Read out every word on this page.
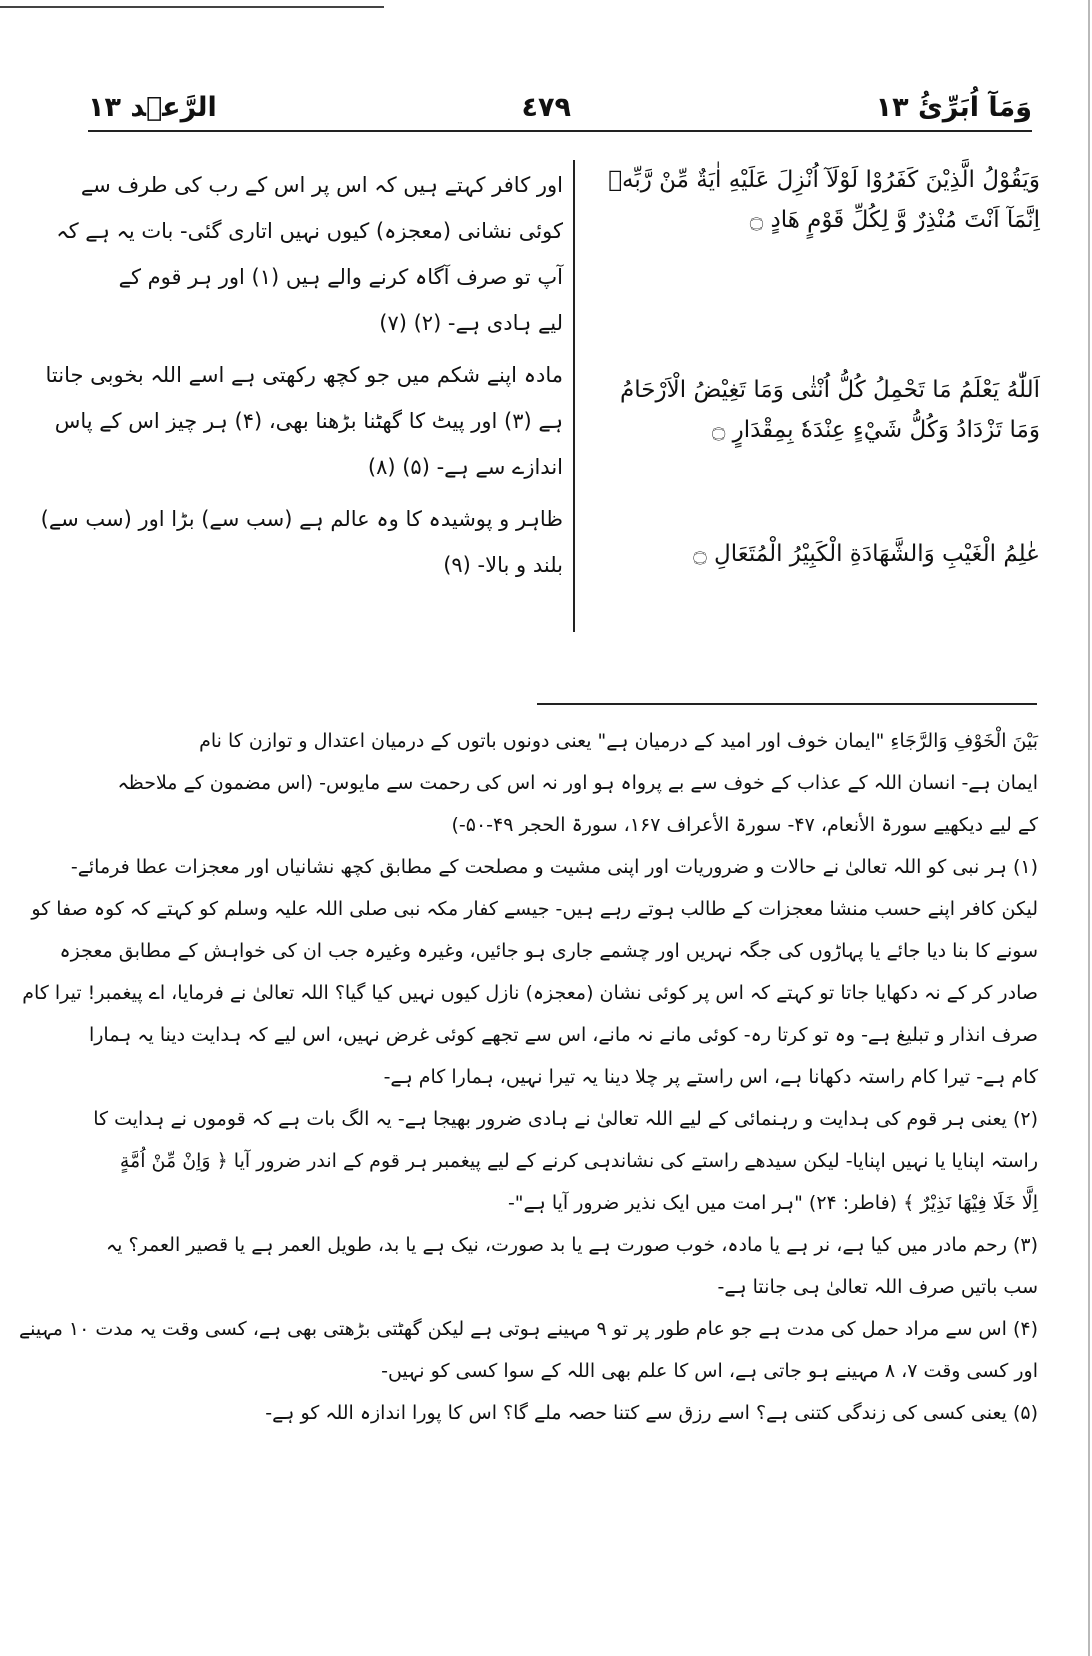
وَمَآ اُبَرِّئُ ١٣
٤٧٩
الرَّعۡد ١٣
وَيَقُوْلُ الَّذِيْنَ كَفَرُوْا لَوْلَآ اُنْزِلَ عَلَيْهِ اٰيَةٌ مِّنْ رَّبِّهٖ
اِنَّمَآ اَنْتَ مُنْذِرٌ وَّ لِكُلِّ قَوْمٍ هَادٍ ۝
اَللّٰهُ يَعْلَمُ مَا تَحْمِلُ كُلُّ اُنْثٰى وَمَا تَغِيْضُ الْاَرْحَامُ
وَمَا تَزْدَادُ وَكُلُّ شَيْءٍ عِنْدَهٗ بِمِقْدَارٍ ۝
عٰلِمُ الْغَيْبِ وَالشَّهَادَةِ الْكَبِيْرُ الْمُتَعَالِ ۝
اور کافر کہتے ہیں کہ اس پر اس کے رب کی طرف سے
کوئی نشانی (معجزہ) کیوں نہیں اتاری گئی- بات یہ ہے کہ
آپ تو صرف آگاہ کرنے والے ہیں (۱) اور ہر قوم کے
لیے ہادی ہے- (۲) (۷)
مادہ اپنے شکم میں جو کچھ رکھتی ہے اسے اللہ بخوبی جانتا
ہے (۳) اور پیٹ کا گھٹنا بڑھنا بھی، (۴) ہر چیز اس کے پاس
اندازے سے ہے- (۵) (۸)
ظاہر و پوشیدہ کا وہ عالم ہے (سب سے) بڑا اور (سب سے)
بلند و بالا- (۹)
بَيْنَ الْخَوْفِ وَالرَّجَاءِ "ایمان خوف اور امید کے درمیان ہے" یعنی دونوں باتوں کے درمیان اعتدال و توازن کا نام
ایمان ہے- انسان اللہ کے عذاب کے خوف سے بے پرواہ ہو اور نہ اس کی رحمت سے مایوس- (اس مضمون کے ملاحظہ
کے لیے دیکھیے سورۃ الأنعام، ۴۷- سورۃ الأعراف ۱۶۷، سورۃ الحجر ۴۹-۵۰-)
(۱) ہر نبی کو اللہ تعالیٰ نے حالات و ضروریات اور اپنی مشیت و مصلحت کے مطابق کچھ نشانیاں اور معجزات عطا فرمائے-
لیکن کافر اپنے حسب منشا معجزات کے طالب ہوتے رہے ہیں- جیسے کفار مکہ نبی صلی اللہ علیہ وسلم کو کہتے کہ کوہ صفا کو
سونے کا بنا دیا جائے یا پہاڑوں کی جگہ نہریں اور چشمے جاری ہو جائیں، وغیرہ وغیرہ جب ان کی خواہش کے مطابق معجزہ
صادر کر کے نہ دکھایا جاتا تو کہتے کہ اس پر کوئی نشان (معجزہ) نازل کیوں نہیں کیا گیا؟ اللہ تعالیٰ نے فرمایا، اے پیغمبر! تیرا کام
صرف انذار و تبلیغ ہے- وہ تو کرتا رہ- کوئی مانے نہ مانے، اس سے تجھے کوئی غرض نہیں، اس لیے کہ ہدایت دینا یہ ہمارا
کام ہے- تیرا کام راستہ دکھانا ہے، اس راستے پر چلا دینا یہ تیرا نہیں، ہمارا کام ہے-
(۲) یعنی ہر قوم کی ہدایت و رہنمائی کے لیے اللہ تعالیٰ نے ہادی ضرور بھیجا ہے- یہ الگ بات ہے کہ قوموں نے ہدایت کا
راستہ اپنایا یا نہیں اپنایا- لیکن سیدھے راستے کی نشاندہی کرنے کے لیے پیغمبر ہر قوم کے اندر ضرور آیا ﴿ وَاِنْ مِّنْ اُمَّةٍ
اِلَّا خَلَا فِيْهَا نَذِيْرٌ ﴾ (فاطر: ۲۴) "ہر امت میں ایک نذیر ضرور آیا ہے"-
(۳) رحم مادر میں کیا ہے، نر ہے یا مادہ، خوب صورت ہے یا بد صورت، نیک ہے یا بد، طویل العمر ہے یا قصیر العمر؟ یہ
سب باتیں صرف اللہ تعالیٰ ہی جانتا ہے-
(۴) اس سے مراد حمل کی مدت ہے جو عام طور پر تو ۹ مہینے ہوتی ہے لیکن گھٹتی بڑھتی بھی ہے، کسی وقت یہ مدت ۱۰ مہینے
اور کسی وقت ۷، ۸ مہینے ہو جاتی ہے، اس کا علم بھی اللہ کے سوا کسی کو نہیں-
(۵) یعنی کسی کی زندگی کتنی ہے؟ اسے رزق سے کتنا حصہ ملے گا؟ اس کا پورا اندازہ اللہ کو ہے-
